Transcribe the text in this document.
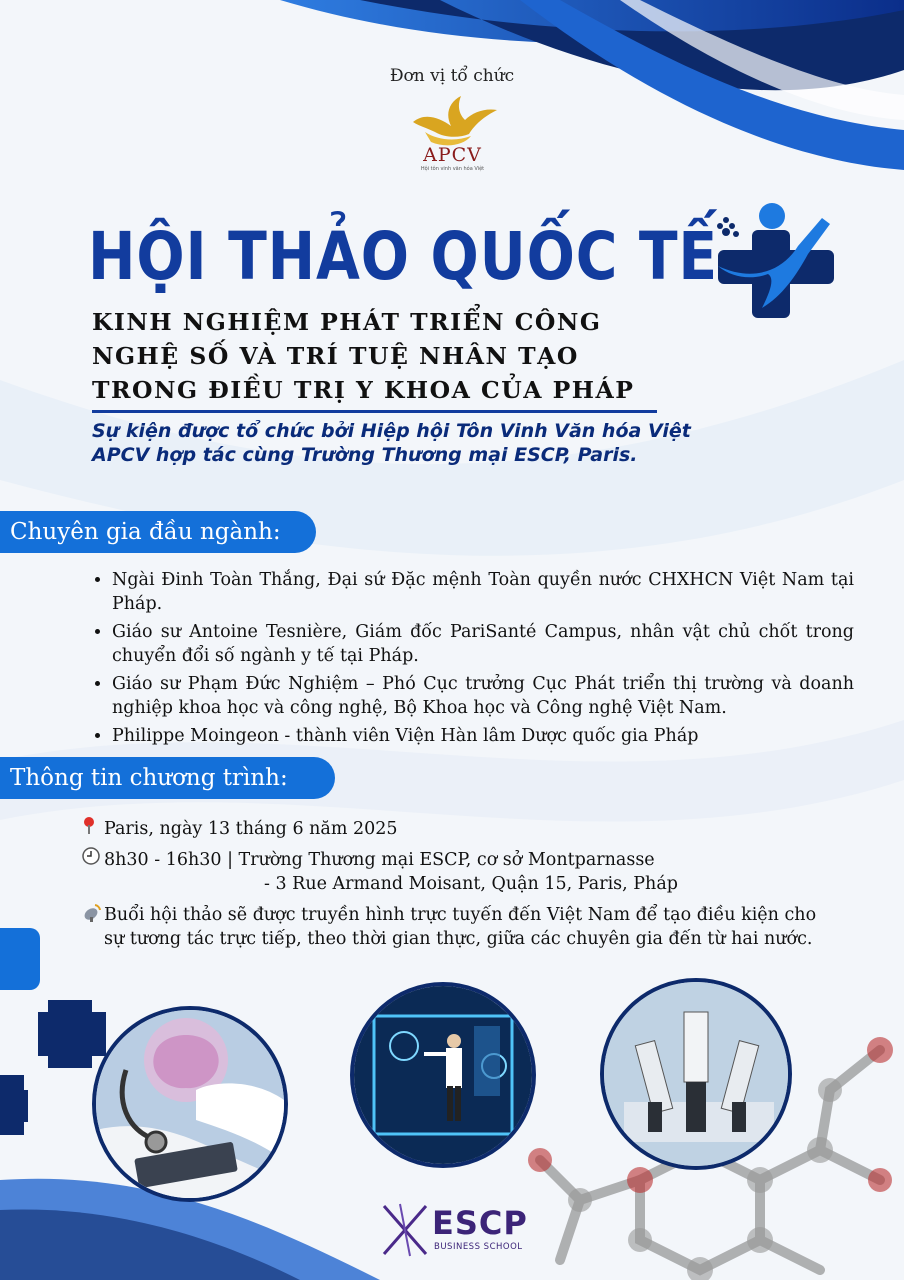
Đơn vị tổ chức
APCV
Hội tôn vinh văn hóa Việt
HỘI THẢO QUỐC TẾ
KINH NGHIỆM PHÁT TRIỂN CÔNG NGHỆ SỐ VÀ TRÍ TUỆ NHÂN TẠO TRONG ĐIỀU TRỊ Y KHOA CỦA PHÁP
Sự kiện được tổ chức bởi Hiệp hội Tôn Vinh Văn hóa Việt APCV hợp tác cùng Trường Thương mại ESCP, Paris.
Chuyên gia đầu ngành:
• Ngài Đinh Toàn Thắng, Đại sứ Đặc mệnh Toàn quyền nước CHXHCN Việt Nam tại Pháp.
• Giáo sư Antoine Tesnière, Giám đốc PariSanté Campus, nhân vật chủ chốt trong chuyển đổi số ngành y tế tại Pháp.
• Giáo sư Phạm Đức Nghiệm – Phó Cục trưởng Cục Phát triển thị trường và doanh nghiệp khoa học và công nghệ, Bộ Khoa học và Công nghệ Việt Nam.
• Philippe Moingeon - thành viên Viện Hàn lâm Dược quốc gia Pháp
Thông tin chương trình:
Paris, ngày 13 tháng 6 năm 2025
8h30 - 16h30 | Trường Thương mại ESCP, cơ sở Montparnasse
- 3 Rue Armand Moisant, Quận 15, Paris, Pháp
Buổi hội thảo sẽ được truyền hình trực tuyến đến Việt Nam để tạo điều kiện cho sự tương tác trực tiếp, theo thời gian thực, giữa các chuyên gia đến từ hai nước.
ESCP
BUSINESS SCHOOL
